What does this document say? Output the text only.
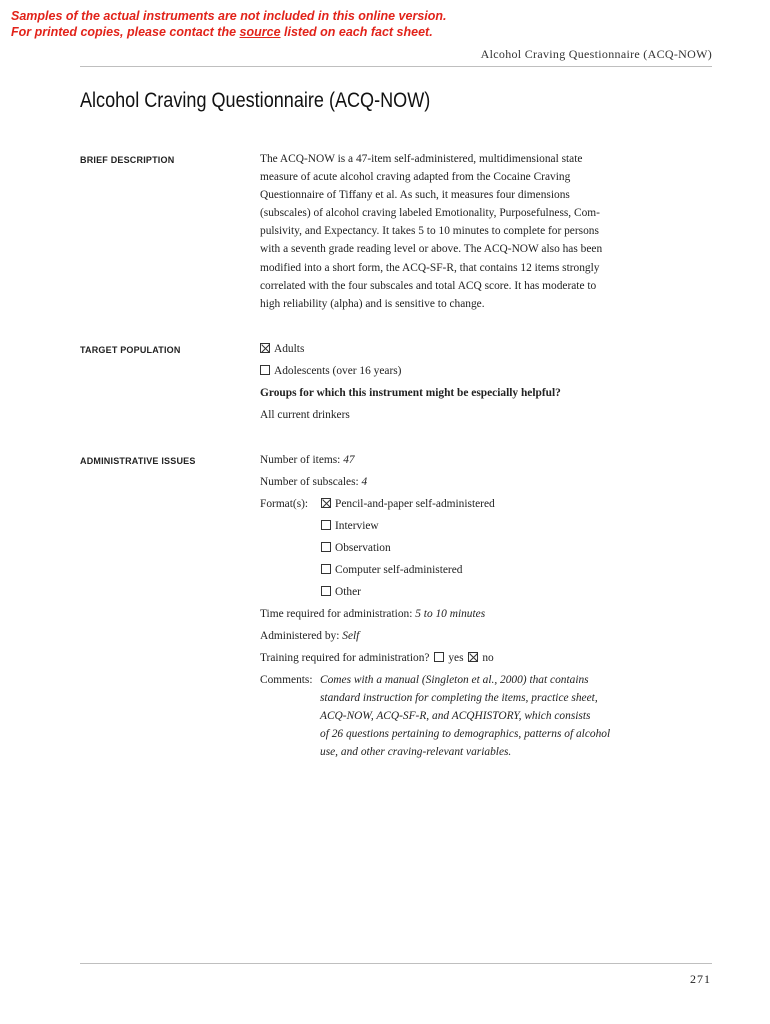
Samples of the actual instruments are not included in this online version.
For printed copies, please contact the source listed on each fact sheet.
Alcohol Craving Questionnaire (ACQ-NOW)
Alcohol Craving Questionnaire (ACQ-NOW)
BRIEF DESCRIPTION	The ACQ-NOW is a 47-item self-administered, multidimensional state
measure of acute alcohol craving adapted from the Cocaine Craving
Questionnaire of Tiffany et al. As such, it measures four dimensions
(subscales) of alcohol craving labeled Emotionality, Purposefulness, Com-
pulsivity, and Expectancy. It takes 5 to 10 minutes to complete for persons
with a seventh grade reading level or above. The ACQ-NOW also has been
modified into a short form, the ACQ-SF-R, that contains 12 items strongly
correlated with the four subscales and total ACQ score. It has moderate to
high reliability (alpha) and is sensitive to change.
TARGET POPULATION	Adults
Adolescents (over 16 years)
Groups for which this instrument might be especially helpful?
All current drinkers
ADMINISTRATIVE ISSUES	Number of items: 47
Number of subscales: 4
Format(s):	Pencil-and-paper self-administered
Interview
Observation
Computer self-administered
Other
Time required for administration: 5 to 10 minutes
Administered by: Self
Training required for administration? yes no
Comments: Comes with a manual (Singleton et al., 2000) that contains
standard instruction for completing the items, practice sheet,
ACQ-NOW, ACQ-SF-R, and ACQHISTORY, which consists
of 26 questions pertaining to demographics, patterns of alcohol
use, and other craving-relevant variables.
271
